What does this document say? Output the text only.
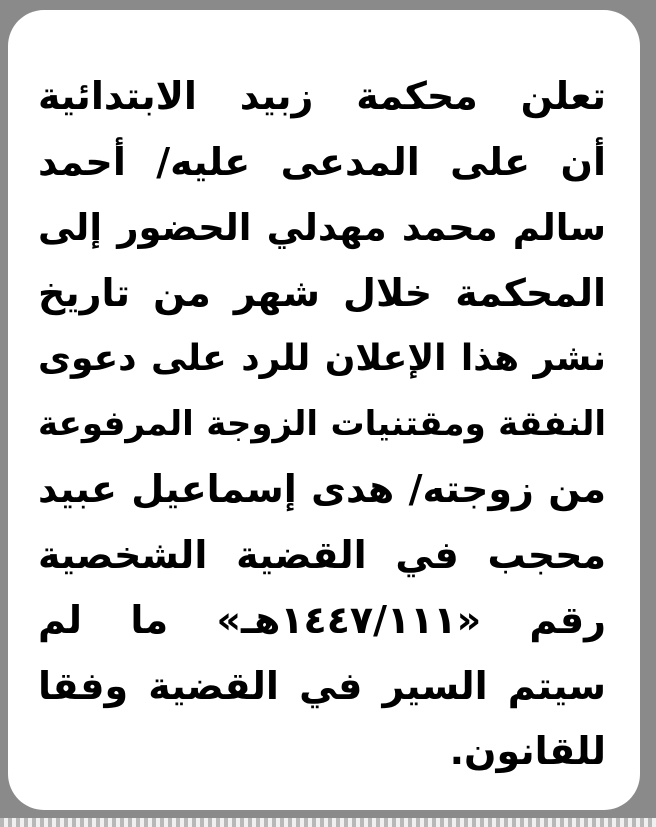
تعلن محكمة زبيد الابتدائية
أن على المدعى عليه/ أحمد
سالم محمد مهدلي الحضور إلى
المحكمة خلال شهر من تاريخ
نشر هذا الإعلان للرد على دعوى
النفقة ومقتنيات الزوجة المرفوعة
من زوجته/ هدى إسماعيل عبيد
محجب في القضية الشخصية
رقم «١٤٤٧/١١١هـ» ما لم
سيتم السير في القضية وفقا
للقانون.
